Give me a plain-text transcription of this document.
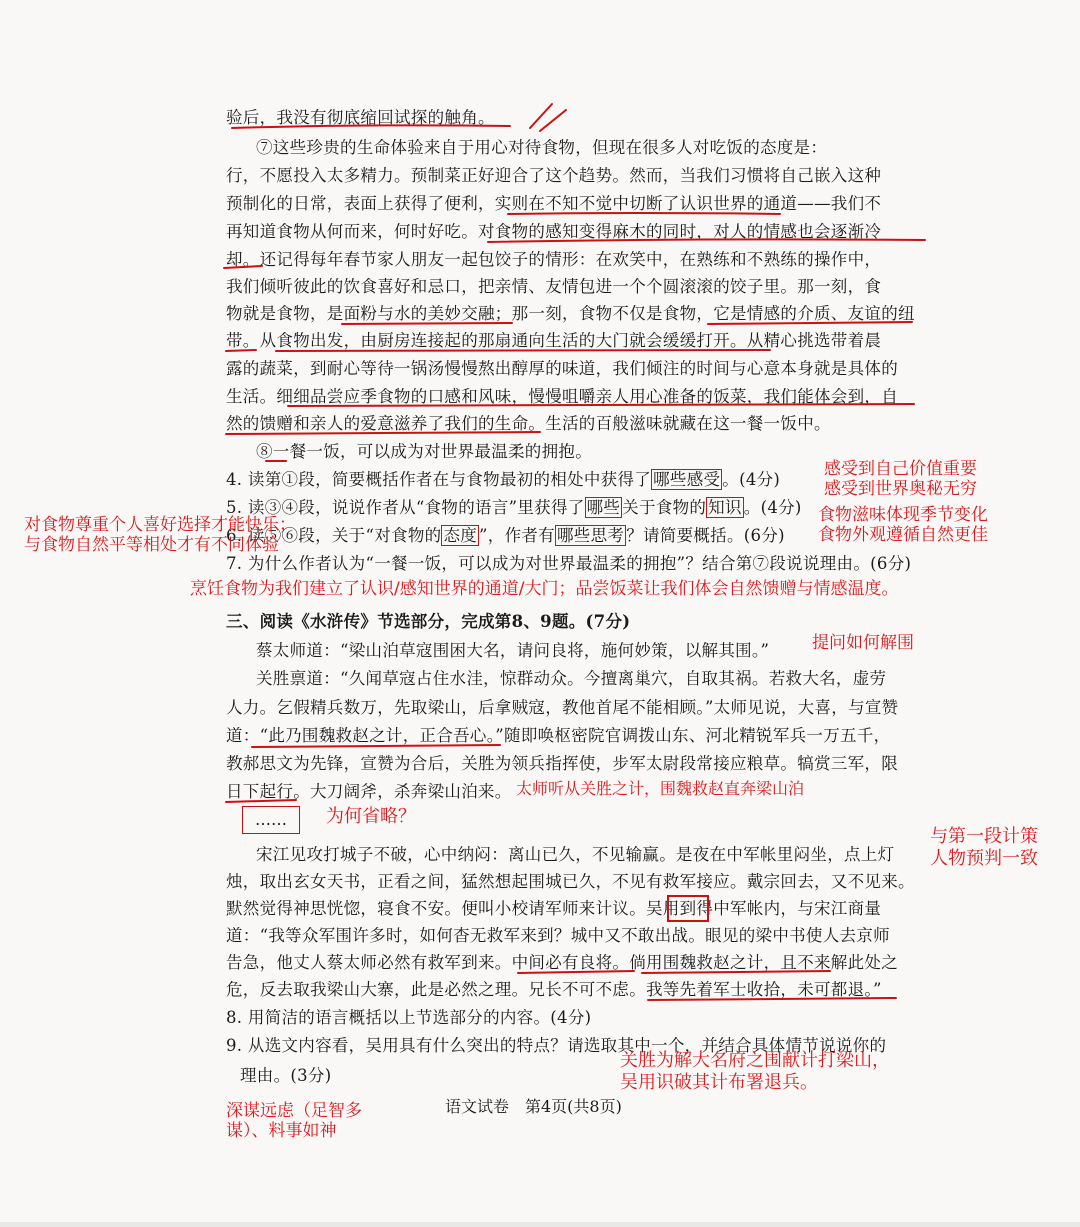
验后，我没有彻底缩回试探的触角。
⑦这些珍贵的生命体验来自于用心对待食物，但现在很多人对吃饭的态度是：
行，不愿投入太多精力。预制菜正好迎合了这个趋势。然而，当我们习惯将自己嵌入这种
预制化的日常，表面上获得了便利，实则在不知不觉中切断了认识世界的通道——我们不
再知道食物从何而来，何时好吃。对食物的感知变得麻木的同时，对人的情感也会逐渐冷
却。还记得每年春节家人朋友一起包饺子的情形：在欢笑中，在熟练和不熟练的操作中，
我们倾听彼此的饮食喜好和忌口，把亲情、友情包进一个个圆滚滚的饺子里。那一刻，食
物就是食物，是面粉与水的美妙交融；那一刻，食物不仅是食物，它是情感的介质、友谊的纽
带。从食物出发，由厨房连接起的那扇通向生活的大门就会缓缓打开。从精心挑选带着晨
露的蔬菜，到耐心等待一锅汤慢慢熬出醇厚的味道，我们倾注的时间与心意本身就是具体的
生活。细细品尝应季食物的口感和风味，慢慢咀嚼亲人用心准备的饭菜，我们能体会到，自
然的馈赠和亲人的爱意滋养了我们的生命。生活的百般滋味就藏在这一餐一饭中。
⑧一餐一饭，可以成为对世界最温柔的拥抱。
4. 读第①段，简要概括作者在与食物最初的相处中获得了 哪些感受 。(4分)
5. 读③④段，说说作者从“食物的语言”里获得了 哪些 关于食物的 知识 。(4分)
6. 读⑤⑥段，关于“对食物的 态度 ”，作者有 哪些思考 ？请简要概括。(6分)
7. 为什么作者认为“一餐一饭，可以成为对世界最温柔的拥抱”？结合第⑦段说说理由。(6分)
三、阅读《水浒传》节选部分，完成第8、9题。(7分)
蔡太师道：“梁山泊草寇围困大名，请问良将，施何妙策，以解其围。”
关胜禀道：“久闻草寇占住水洼，惊群动众。今擅离巢穴，自取其祸。若救大名，虚劳
人力。乞假精兵数万，先取梁山，后拿贼寇，教他首尾不能相顾。”太师见说，大喜，与宣赞
道：“此乃围魏救赵之计，正合吾心。”随即唤枢密院官调拨山东、河北精锐军兵一万五千，
教郝思文为先锋，宣赞为合后，关胜为领兵指挥使，步军太尉段常接应粮草。犒赏三军，限
日下起行。大刀阔斧，杀奔梁山泊来。
……
宋江见攻打城子不破，心中纳闷：离山已久，不见输赢。是夜在中军帐里闷坐，点上灯
烛，取出玄女天书，正看之间，猛然想起围城已久，不见有救军接应。戴宗回去，又不见来。
默然觉得神思恍惚，寝食不安。便叫小校请军师来计议。吴用到得中军帐内，与宋江商量
道：“我等众军围许多时，如何杳无救军来到？城中又不敢出战。眼见的梁中书使人去京师
告急，他丈人蔡太师必然有救军到来。中间必有良将。倘用围魏救赵之计，且不来解此处之
危，反去取我梁山大寨，此是必然之理。兄长不可不虑。我等先着军士收拾，未可都退。”
8. 用简洁的语言概括以上节选部分的内容。(4分)
9. 从选文内容看，吴用具有什么突出的特点？请选取其中一个，并结合具体情节说说你的
理由。(3分)
语文试卷　第4页(共8页)
感受到自己价值重要
感受到世界奥秘无穷
对食物尊重个人喜好选择才能快乐；
与食物自然平等相处才有不同体验
食物滋味体现季节变化
食物外观遵循自然更佳
烹饪食物为我们建立了认识/感知世界的通道/大门；品尝饭菜让我们体会自然馈赠与情感温度。
提问如何解围
太师听从关胜之计，围魏救赵直奔梁山泊
为何省略？
与第一段计策
人物预判一致
关胜为解大名府之围献计打梁山，
吴用识破其计布署退兵。
深谋远虑（足智多
谋）、料事如神
